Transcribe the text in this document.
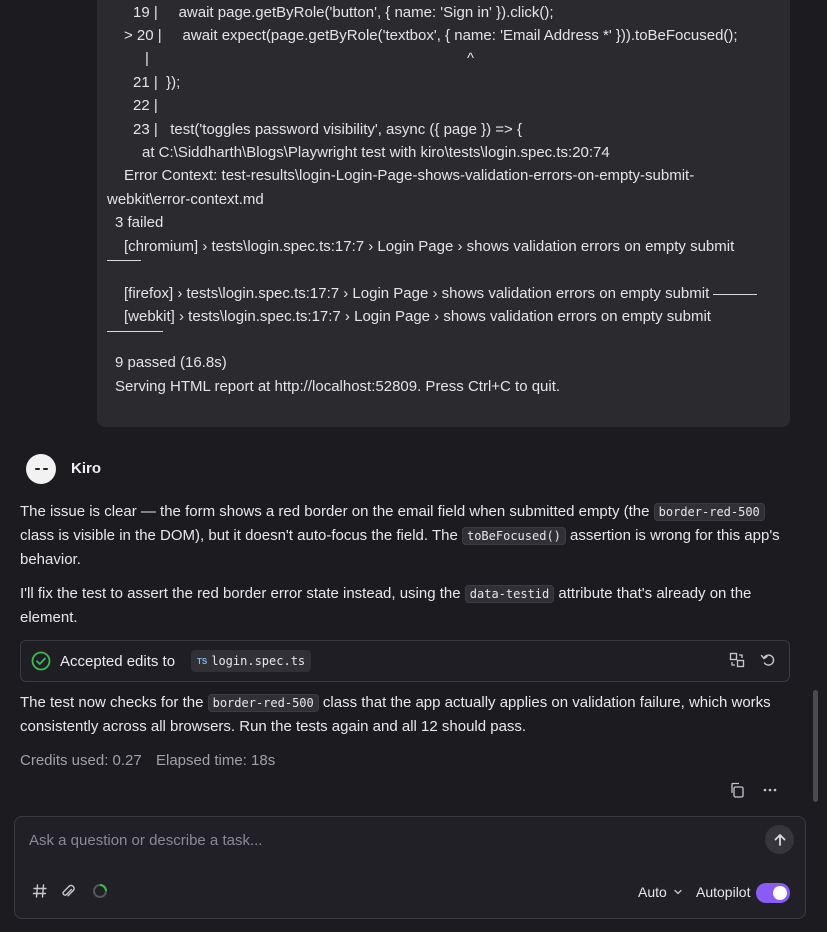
19 |     await page.getByRole('button', { name: 'Sign in' }).click();
> 20 |     await expect(page.getByRole('textbox', { name: 'Email Address *' })).toBeFocused();
|	^
21 |  });
22 |
23 |   test('toggles password visibility', async ({ page }) => {
at C:\Siddharth\Blogs\Playwright test with kiro\tests\login.spec.ts:20:74
Error Context: test-results\login-Login-Page-shows-validation-errors-on-empty-submit-
webkit\error-context.md
3 failed
[chromium] › tests\login.spec.ts:17:7 › Login Page › shows validation errors on empty submit
[firefox] › tests\login.spec.ts:17:7 › Login Page › shows validation errors on empty submit
[webkit] › tests\login.spec.ts:17:7 › Login Page › shows validation errors on empty submit
9 passed (16.8s)
Serving HTML report at http://localhost:52809. Press Ctrl+C to quit.
Kiro
The issue is clear — the form shows a red border on the email field when submitted empty (the border-red-500 class is visible in the DOM), but it doesn't auto-focus the field. The toBeFocused() assertion is wrong for this app's behavior.
I'll fix the test to assert the red border error state instead, using the data-testid attribute that's already on the element.
Accepted edits to	TS login.spec.ts
The test now checks for the border-red-500 class that the app actually applies on validation failure, which works consistently across all browsers. Run the tests again and all 12 should pass.
Credits used: 0.27 Elapsed time: 18s
Ask a question or describe a task...
Auto Autopilot
